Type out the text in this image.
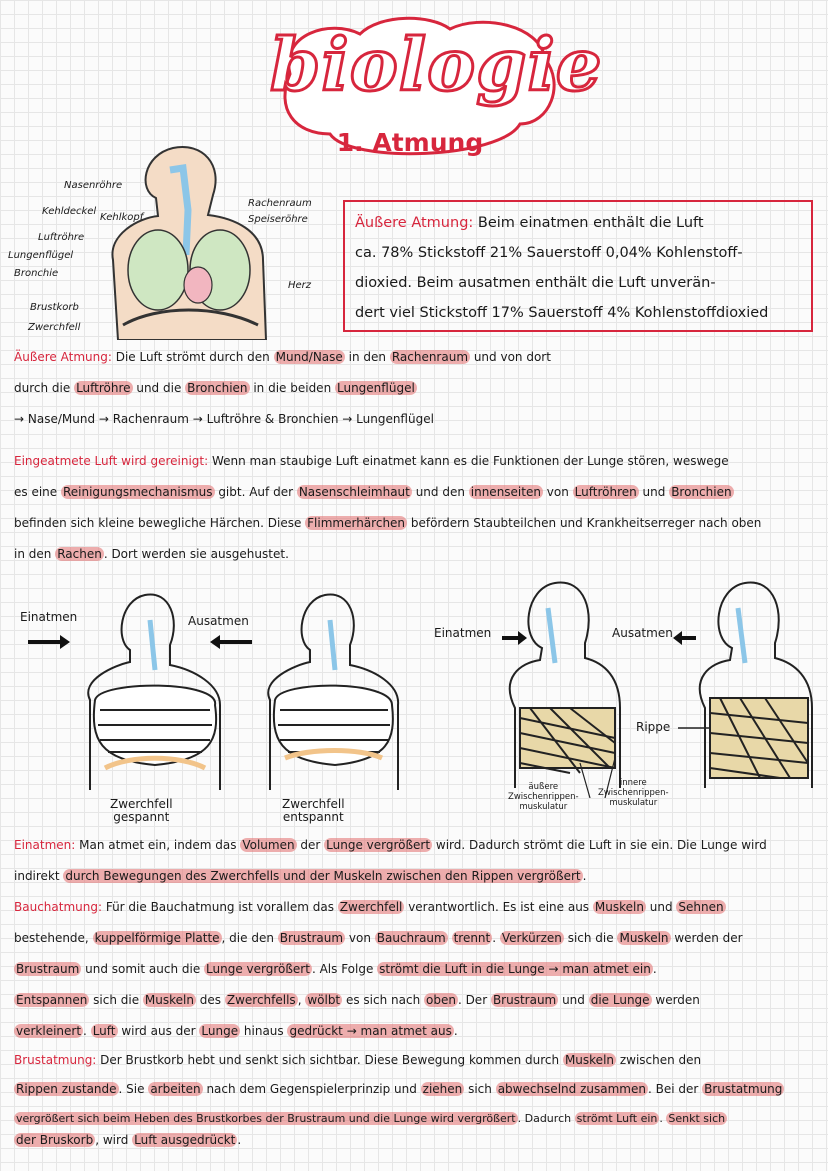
biologie
1. Atmung
Nasenröhre
Kehldeckel
Kehlkopf
Luftröhre
Lungenflügel
Bronchie
Brustkorb
Zwerchfell
Rachenraum
Speiseröhre
Herz
Äußere Atmung: Beim einatmen enthält die Luft
ca. 78% Stickstoff 21% Sauerstoff 0,04% Kohlenstoff-
dioxied. Beim ausatmen enthält die Luft unverän-
dert viel Stickstoff 17% Sauerstoff 4% Kohlenstoffdioxied
Äußere Atmung: Die Luft strömt durch den Mund/Nase in den Rachenraum und von dort
durch die Luftröhre und die Bronchien in die beiden Lungenflügel
→ Nase/Mund → Rachenraum → Luftröhre & Bronchien → Lungenflügel
Eingeatmete Luft wird gereinigt: Wenn man staubige Luft einatmet kann es die Funktionen der Lunge stören, weswege
es eine Reinigungsmechanismus gibt. Auf der Nasenschleimhaut und den innenseiten von Luftröhren und Bronchien
befinden sich kleine bewegliche Härchen. Diese Flimmerhärchen befördern Staubteilchen und Krankheitserreger nach oben
in den Rachen . Dort werden sie ausgehustet.
Einatmen	Ausatmen
Zwerchfell
gespannt
Zwerchfell
entspannt
Einatmen	Ausatmen
Rippe
äußere
Zwischenrippen-
muskulatur
innere
Zwischenrippen-
muskulatur
Einatmen: Man atmet ein, indem das Volumen der Lunge vergrößert wird. Dadurch strömt die Luft in sie ein. Die Lunge wird
indirekt durch Bewegungen des Zwerchfells und der Muskeln zwischen den Rippen vergrößert .
Bauchatmung: Für die Bauchatmung ist vorallem das Zwerchfell verantwortlich. Es ist eine aus Muskeln und Sehnen
bestehende, kuppelförmige Platte , die den Brustraum von Bauchraum trennt . Verkürzen sich die Muskeln werden der
Brustraum und somit auch die Lunge vergrößert . Als Folge strömt die Luft in die Lunge → man atmet ein .
Entspannen sich die Muskeln des Zwerchfells , wölbt es sich nach oben . Der Brustraum und die Lunge werden
verkleinert . Luft wird aus der Lunge hinaus gedrückt → man atmet aus .
Brustatmung: Der Brustkorb hebt und senkt sich sichtbar. Diese Bewegung kommen durch Muskeln zwischen den
Rippen zustande . Sie arbeiten nach dem Gegenspielerprinzip und ziehen sich abwechselnd zusammen . Bei der Brustatmung
vergrößert sich beim Heben des Brustkorbes der Brustraum und die Lunge wird vergrößert . Dadurch strömt Luft ein . Senkt sich
der Bruskorb , wird Luft ausgedrückt .
